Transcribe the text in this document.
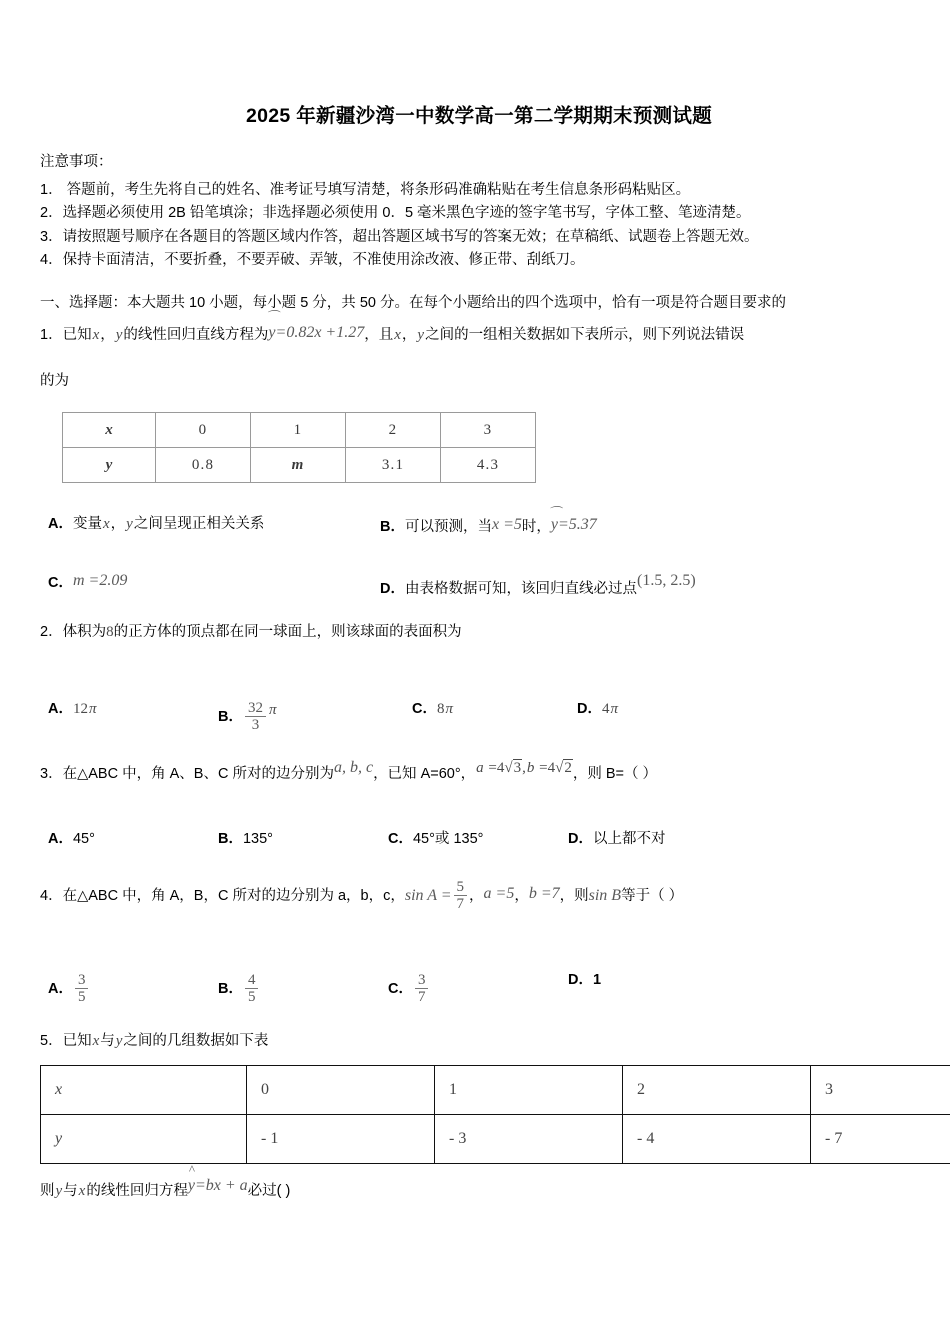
2025 年新疆沙湾一中数学高一第二学期期末预测试题

注意事项：

1． 答题前，考生先将自己的姓名、准考证号填写清楚，将条形码准确粘贴在考生信息条形码粘贴区。

2．选择题必须使用 2B 铅笔填涂；非选择题必须使用 0．5 毫米黑色字迹的签字笔书写，字体工整、笔迹清楚。

3．请按照题号顺序在各题目的答题区域内作答，超出答题区域书写的答案无效；在草稿纸、试题卷上答题无效。

4．保持卡面清洁，不要折叠，不要弄破、弄皱，不准使用涂改液、修正带、刮纸刀。

一、选择题：本大题共 10 小题，每小题 5 分，共 50 分。在每个小题给出的四个选项中，恰有一项是符合题目要求的

1．已知x，y的线性回归直线方程为
⌒
y=0.82x +1.27，且x，y之间的一组相关数据如下表所示，则下列说法错误

的为

x	0	1	2	3
y	0.8	m	3.1	4.3
A．变量x，y之间呈现正相关关系	B．可以预测，当x =5时，
⌒
y=5.37
C．m =2.09	D．由表格数据可知，该回归直线必过点(1.5, 2.5)

2．体积为8的正方体的顶点都在同一球面上，则该球面的表面积为

A．12π	B． $\frac{32}{3}$ π	C．8π	D．4π

3．在△ABC 中，角 A、B、C 所对的边分别为a, b, c，已知 A=60°，a =4√3,b =4√2，则 B=（ ）

A．45°	B．135°	C．45°或 135°	D．以上都不对

4．在△ABC 中，角 A，B，C 所对的边分别为 a，b，c，$\sin A = \frac{5}{7}$ ，a =5，b =7，则sin B等于（ ）

A． $\frac{3}{5}$	B． $\frac{4}{5}$	C． $\frac{3}{7}$	D．1

5．已知x与y之间的几组数据如下表

x	0	1	2	3
y	- 1	- 3	- 4	- 7

则y与x的线性回归方程
^
y=bx + a必过( )
